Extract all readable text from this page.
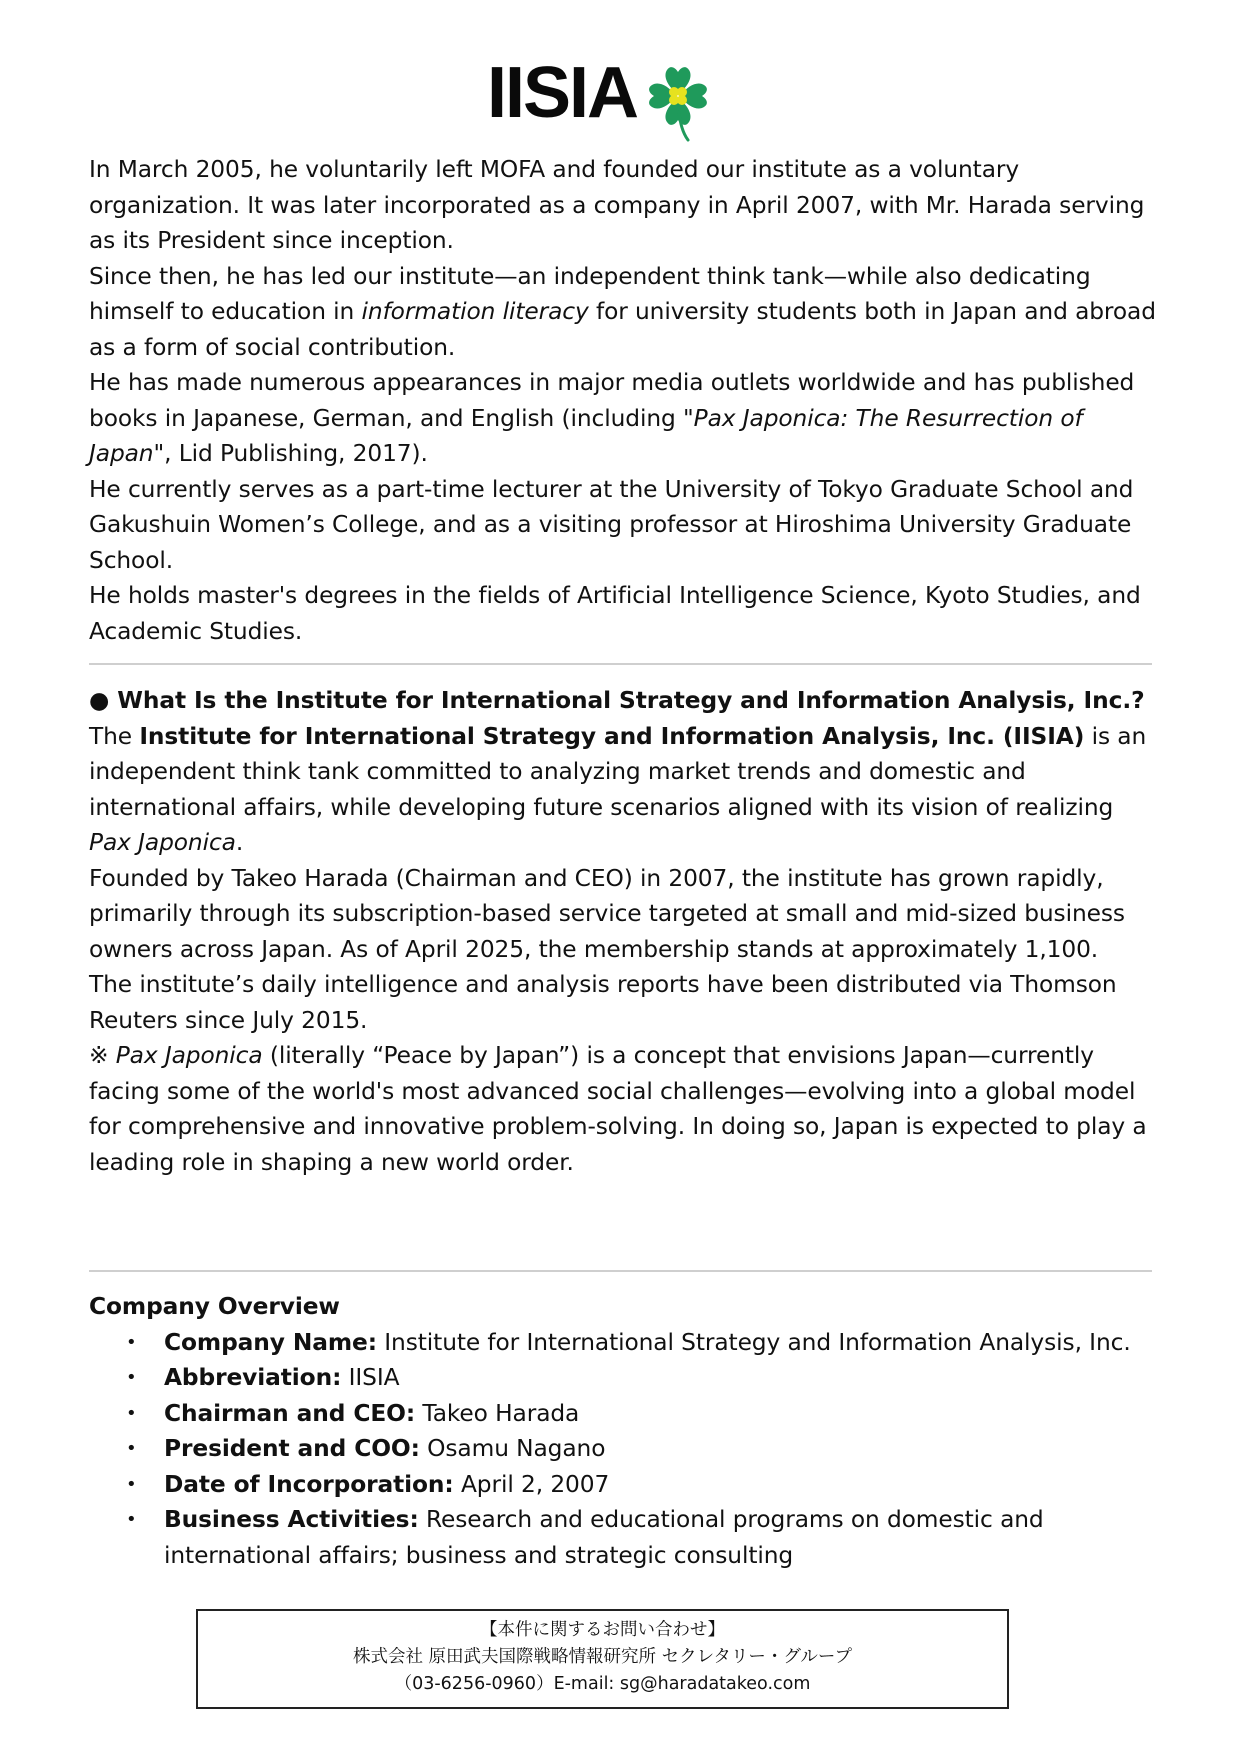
IISIA

In March 2005, he voluntarily left MOFA and founded our institute as a voluntary organization. It was later incorporated as a company in April 2007, with Mr. Harada serving as its President since inception.

Since then, he has led our institute—an independent think tank—while also dedicating himself to education in information literacy for university students both in Japan and abroad as a form of social contribution.

He has made numerous appearances in major media outlets worldwide and has published books in Japanese, German, and English (including "Pax Japonica: The Resurrection of Japan", Lid Publishing, 2017).

He currently serves as a part-time lecturer at the University of Tokyo Graduate School and Gakushuin Women’s College, and as a visiting professor at Hiroshima University Graduate School.

He holds master's degrees in the fields of Artificial Intelligence Science, Kyoto Studies, and Academic Studies.

● What Is the Institute for International Strategy and Information Analysis, Inc.?

The Institute for International Strategy and Information Analysis, Inc. (IISIA) is an independent think tank committed to analyzing market trends and domestic and international affairs, while developing future scenarios aligned with its vision of realizing Pax Japonica.

Founded by Takeo Harada (Chairman and CEO) in 2007, the institute has grown rapidly, primarily through its subscription-based service targeted at small and mid-sized business owners across Japan. As of April 2025, the membership stands at approximately 1,100.

The institute’s daily intelligence and analysis reports have been distributed via Thomson Reuters since July 2015.

※ Pax Japonica (literally “Peace by Japan”) is a concept that envisions Japan—currently facing some of the world's most advanced social challenges—evolving into a global model for comprehensive and innovative problem-solving. In doing so, Japan is expected to play a leading role in shaping a new world order.

Company Overview

• Company Name: Institute for International Strategy and Information Analysis, Inc.
• Abbreviation: IISIA
• Chairman and CEO: Takeo Harada
• President and COO: Osamu Nagano
• Date of Incorporation: April 2, 2007
• Business Activities: Research and educational programs on domestic and international affairs; business and strategic consulting
【本件に関するお問い合わせ】
株式会社 原田武夫国際戦略情報研究所 セクレタリー・グループ
（03-6256-0960）E-mail: sg@haradatakeo.com
